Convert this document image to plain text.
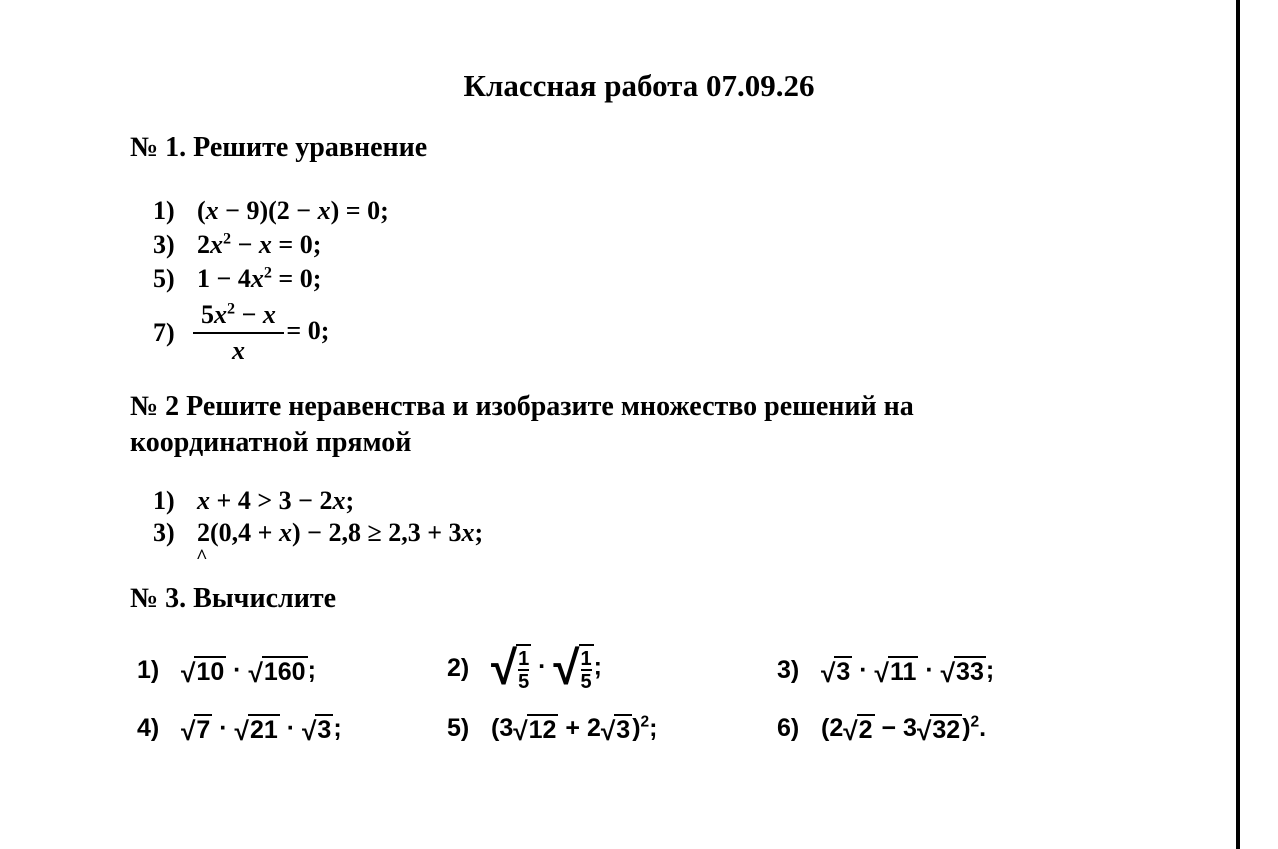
Классная работа 07.09.26
№ 1. Решите уравнение
1) (x − 9)(2 − x) = 0;
3) $2x^2 - x = 0$;
5) $1 - 4x^2 = 0$;
$7) \frac{5x^2 - x}{x} = 0$;
№ 2 Решите неравенства и изобразите множество решений на координатной прямой
1) x + 4 > 3 − 2x;
3) 2(0,4 + x) − 2,8 ≥ 2,3 + 3x;
^
№ 3. Вычислите
1) √ 10 · √ 160 ;	2) √ $\frac{1}{5}$ · √ $\frac{1}{5}$ ;	3) √ 3 · √ 11 · √ 33 ;
4) √ 7 · √ 21 · √ 3 ;	5) (3 √ 12 + 2 √ 3 )$^2$;	6) (2 √ 2 − 3 √ 32 )$^2$.
